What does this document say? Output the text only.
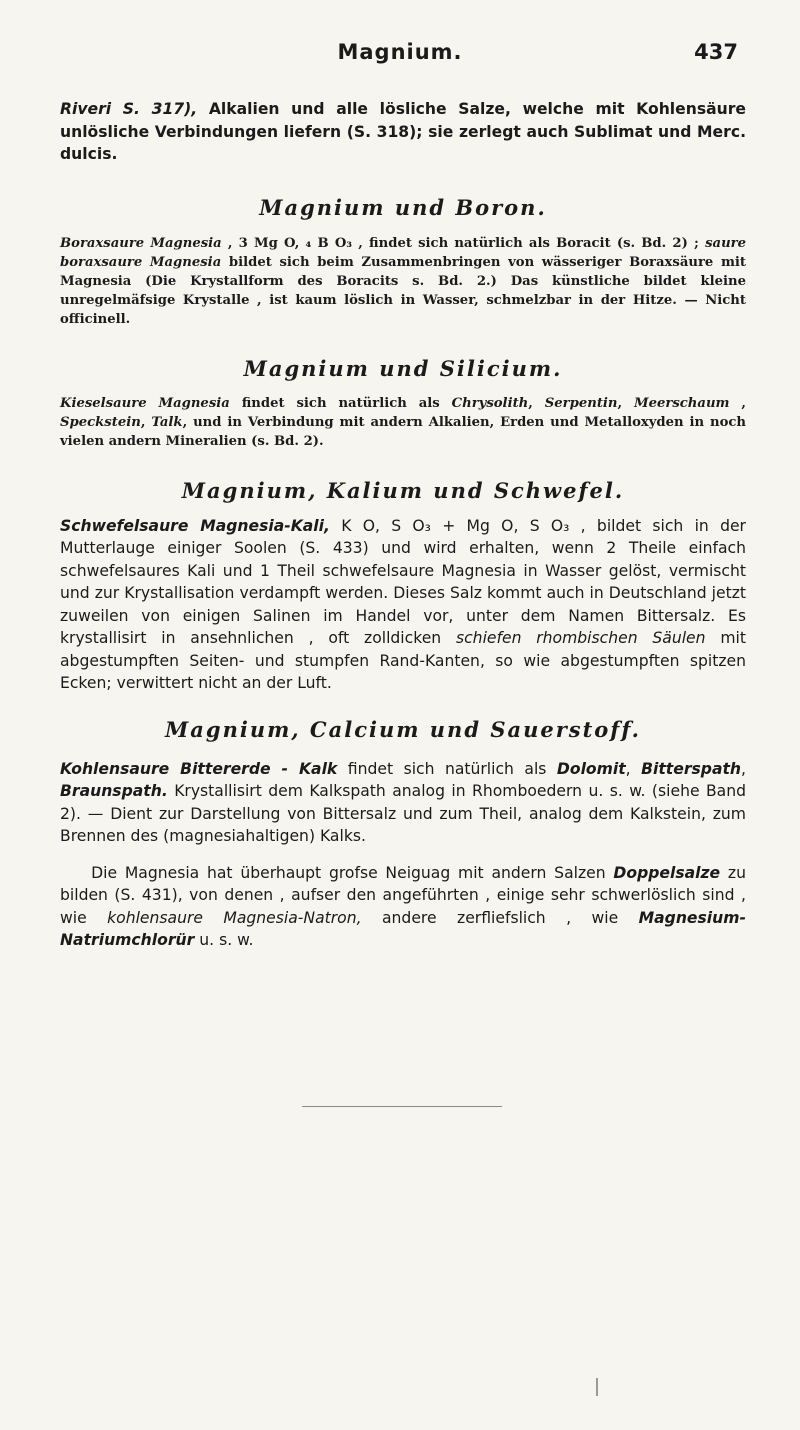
Magnium.	437

Riveri S. 317), Alkalien und alle lösliche Salze, welche mit Kohlensäure unlösliche Verbindungen liefern (S. 318); sie zerlegt auch Sublimat und Merc. dulcis.

Magnium und Boron.

Boraxsaure Magnesia , 3 Mg O, ₄ B O₃ , findet sich natürlich als Boracit (s. Bd. 2) ; saure boraxsaure Magnesia bildet sich beim Zusammenbringen von wässeriger Boraxsäure mit Magnesia (Die Krystallform des Boracits s. Bd. 2.) Das künstliche bildet kleine unregelmäfsige Krystalle , ist kaum löslich in Wasser, schmelzbar in der Hitze. — Nicht officinell.

Magnium und Silicium.

Kieselsaure Magnesia findet sich natürlich als Chrysolith, Serpentin, Meerschaum , Speckstein, Talk, und in Verbindung mit andern Alkalien, Erden und Metalloxyden in noch vielen andern Mineralien (s. Bd. 2).

Magnium, Kalium und Schwefel.

Schwefelsaure Magnesia-Kali, K O, S O₃ + Mg O, S O₃ , bildet sich in der Mutterlauge einiger Soolen (S. 433) und wird erhalten, wenn 2 Theile einfach schwefelsaures Kali und 1 Theil schwefelsaure Magnesia in Wasser gelöst, vermischt und zur Krystallisation verdampft werden. Dieses Salz kommt auch in Deutschland jetzt zuweilen von einigen Salinen im Handel vor, unter dem Namen Bittersalz. Es krystallisirt in ansehnlichen , oft zolldicken schiefen rhombischen Säulen mit abgestumpften Seiten- und stumpfen Rand-Kanten, so wie abgestumpften spitzen Ecken; verwittert nicht an der Luft.

Magnium, Calcium und Sauerstoff.

Kohlensaure Bittererde - Kalk findet sich natürlich als Dolomit, Bitterspath, Braunspath. Krystallisirt dem Kalkspath analog in Rhomboedern u. s. w. (siehe Band 2). — Dient zur Darstellung von Bittersalz und zum Theil, analog dem Kalkstein, zum Brennen des (magnesiahaltigen) Kalks.

Die Magnesia hat überhaupt grofse Neiguag mit andern Salzen Doppelsalze zu bilden (S. 431), von denen , aufser den angeführten , einige sehr schwerlöslich sind , wie kohlensaure Magnesia-Natron, andere zerfliefslich , wie Magnesium-Natriumchlorür u. s. w.
